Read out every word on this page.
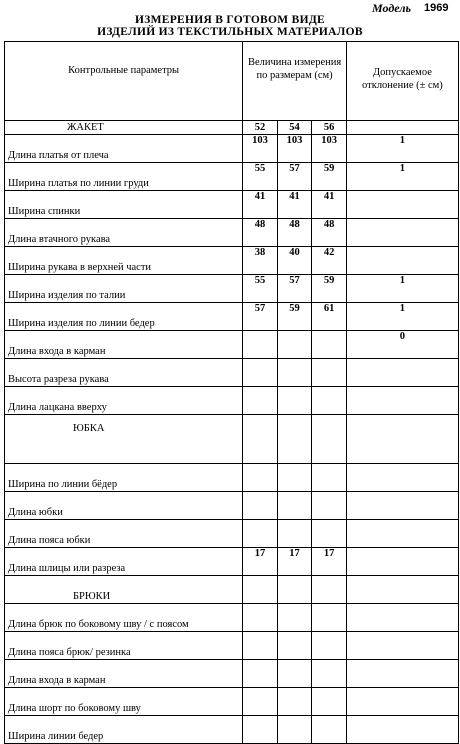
Модель 1969
ИЗМЕРЕНИЯ В ГОТОВОМ ВИДЕ
ИЗДЕЛИЙ ИЗ ТЕКСТИЛЬНЫХ МАТЕРИАЛОВ
Контрольные параметры	Величина измерения по размерам (см)			Допускаемое отклонение (± см)
ЖАКЕТ	52	54	56	
Длина платья от плеча	103	103	103	1
Ширина платья по линии груди	55	57	59	1
Ширина спинки	41	41	41	
Длина втачного рукава	48	48	48	
Ширина рукава в верхней части	38	40	42	
Ширина изделия по талии	55	57	59	1
Ширина изделия по линии бедер	57	59	61	1
Длина входа в карман				0
Высота разреза рукава				
Длина лацкана вверху				
ЮБКА				
Ширина по линии бёдер				
Длина юбки				
Длина пояса юбки				
Длина шлицы или разреза	17	17	17	
БРЮКИ				
Длина брюк по боковому шву / с поясом				
Длина пояса брюк/ резинка				
Длина входа в карман				
Длина шорт по боковому шву				
Ширина линии бедер				
